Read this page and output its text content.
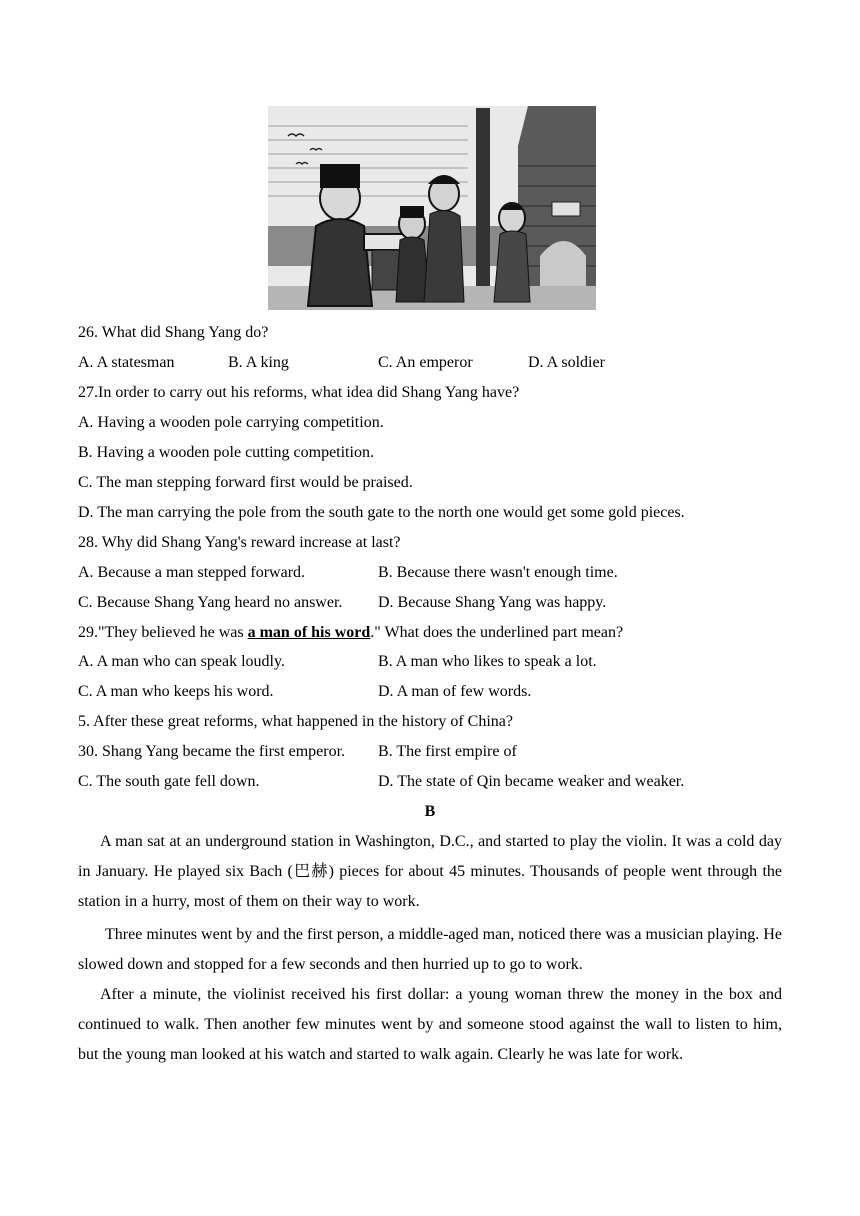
26. What did Shang Yang do?
A. A statesman	B. A king	C. An emperor	D. A soldier
27.In order to carry out his reforms, what idea did Shang Yang have?
A. Having a wooden pole carrying competition.
B. Having a wooden pole cutting competition.
C. The man stepping forward first would be praised.
D. The man carrying the pole from the south gate to the north one would get some gold pieces.
28. Why did Shang Yang's reward increase at last?
A. Because a man stepped forward.	B. Because there wasn't enough time.
C. Because Shang Yang heard no answer. D. Because Shang Yang was happy.
29."They believed he was a man of his word." What does the underlined part mean?
A. A man who can speak loudly.	B. A man who likes to speak a lot.
C. A man who keeps his word.	D. A man of few words.
5. After these great reforms, what happened in the history of China?
30. Shang Yang became the first emperor. B. The first empire of
C. The south gate fell down.	D. The state of Qin became weaker and weaker.
B

A man sat at an underground station in Washington, D.C., and started to play the violin. It was a cold day in January. He played six Bach (巴赫) pieces for about 45 minutes. Thousands of people went through the station in a hurry, most of them on their way to work.

Three minutes went by and the first person, a middle-aged man, noticed there was a musician playing. He slowed down and stopped for a few seconds and then hurried up to go to work.

After a minute, the violinist received his first dollar: a young woman threw the money in the box and continued to walk. Then another few minutes went by and someone stood against the wall to listen to him, but the young man looked at his watch and started to walk again. Clearly he was late for work.
